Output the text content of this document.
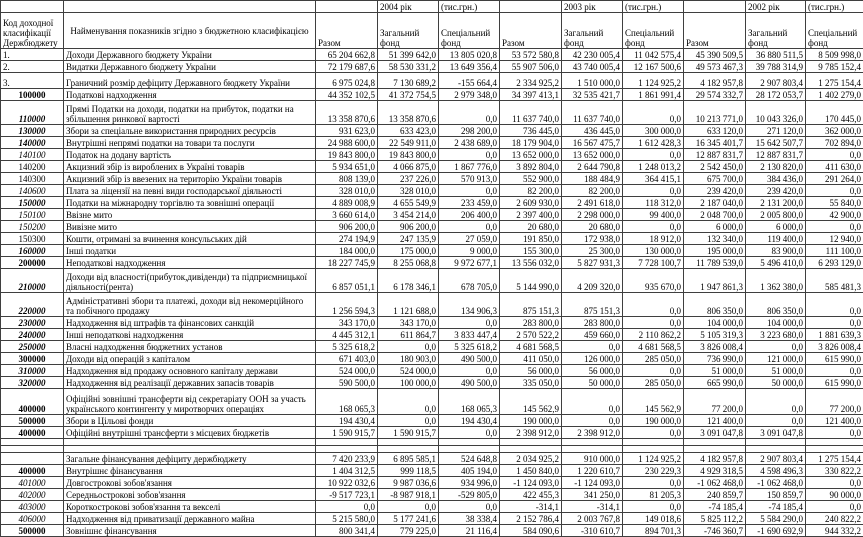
			2004 рік	(тис.грн.)		2003 рік	(тис.грн.)		2002 рік	(тис.грн.)
Код доходної класифікації Держбюджету	Найменування показників згідно з бюджетною класифікацією	Разом	Загальний фонд	Спеціальний фонд	Разом	Загальний фонд	Спеціальний фонд	Разом	Загальний фонд	Спеціальний фонд
1.	Доходи Державного бюджету України	65 204 662,8	51 399 642,0	13 805 020,8	53 572 580,8	42 230 005,4	11 042 575,4	45 390 509,5	36 880 511,5	8 509 998,0
2.	Видатки Державного бюджету України	72 179 687,6	58 530 331,2	13 649 356,4	55 907 506,0	43 740 005,4	12 167 500,6	49 573 467,3	39 788 314,9	9 785 152,4
3.	Граничний розмір дефіциту Державного бюджету України	6 975 024,8	7 130 689,2	-155 664,4	2 334 925,2	1 510 000,0	1 124 925,2	4 182 957,8	2 907 803,4	1 275 154,4
100000	Податкові надходження	44 352 102,5	41 372 754,5	2 979 348,0	34 397 413,1	32 535 421,7	1 861 991,4	29 574 332,7	28 172 053,7	1 402 279,0
110000	Прямі Податки на доходи, податки на прибуток, податки на збільшення ринкової вартості	13 358 870,6	13 358 870,6	0,0	11 637 740,0	11 637 740,0	0,0	10 213 771,0	10 043 326,0	170 445,0
130000	Збори за спеціальне використання природних ресурсів	931 623,0	633 423,0	298 200,0	736 445,0	436 445,0	300 000,0	633 120,0	271 120,0	362 000,0
140000	Внутрішні непрямі податки на товари та послуги	24 988 600,0	22 549 911,0	2 438 689,0	18 179 904,0	16 567 475,7	1 612 428,3	16 345 401,7	15 642 507,7	702 894,0
140100	Податок на додану вартість	19 843 800,0	19 843 800,0	0,0	13 652 000,0	13 652 000,0	0,0	12 887 831,7	12 887 831,7	0,0
140200	Акцизний збір із вироблених в Україні товарів	5 934 651,0	4 066 875,0	1 867 776,0	3 892 804,0	2 644 790,8	1 248 013,2	2 542 450,0	2 130 820,0	411 630,0
140300	Акцизний збір із ввезених на територію України товарів	808 139,0	237 226,0	570 913,0	552 900,0	188 484,9	364 415,1	675 700,0	384 436,0	291 264,0
140600	Плата за ліцензії на певні види господарської діяльності	328 010,0	328 010,0	0,0	82 200,0	82 200,0	0,0	239 420,0	239 420,0	0,0
150000	Податки на міжнародну торгівлю та зовнішні операції	4 889 008,9	4 655 549,9	233 459,0	2 609 930,0	2 491 618,0	118 312,0	2 187 040,0	2 131 200,0	55 840,0
150100	Ввізне мито	3 660 614,0	3 454 214,0	206 400,0	2 397 400,0	2 298 000,0	99 400,0	2 048 700,0	2 005 800,0	42 900,0
150200	Вивізне мито	906 200,0	906 200,0	0,0	20 680,0	20 680,0	0,0	6 000,0	6 000,0	0,0
150300	Кошти, отримані за вчинення консульських дій	274 194,9	247 135,9	27 059,0	191 850,0	172 938,0	18 912,0	132 340,0	119 400,0	12 940,0
160000	Інші податки	184 000,0	175 000,0	9 000,0	155 300,0	25 300,0	130 000,0	195 000,0	83 900,0	111 100,0
200000	Неподаткові надходження	18 227 745,9	8 255 068,8	9 972 677,1	13 556 032,0	5 827 931,3	7 728 100,7	11 789 539,0	5 496 410,0	6 293 129,0
210000	Доходи від власності(прибуток,дивіденди) та підприємницької діяльності(рента)	6 857 051,1	6 178 346,1	678 705,0	5 144 990,0	4 209 320,0	935 670,0	1 947 861,3	1 362 380,0	585 481,3
220000	Адміністративні збори та платежі, доходи від некомерційного та побічного продажу	1 256 594,3	1 121 688,0	134 906,3	875 151,3	875 151,3	0,0	806 350,0	806 350,0	0,0
230000	Надходження від штрафів та фінансових санкцій	343 170,0	343 170,0	0,0	283 800,0	283 800,0	0,0	104 000,0	104 000,0	0,0
240000	Інші неподаткові надходження	4 445 312,1	611 864,7	3 833 447,4	2 570 522,2	459 660,0	2 110 862,2	5 105 319,3	3 223 680,0	1 881 639,3
250000	Власні надходження бюджетних установ	5 325 618,2	0,0	5 325 618,2	4 681 568,5	0,0	4 681 568,5	3 826 008,4	0,0	3 826 008,4
300000	Доходи від операцій з капіталом	671 403,0	180 903,0	490 500,0	411 050,0	126 000,0	285 050,0	736 990,0	121 000,0	615 990,0
310000	Надходження від продажу основного капіталу держави	524 000,0	524 000,0	0,0	56 000,0	56 000,0	0,0	51 000,0	51 000,0	0,0
320000	Надходження від реалізації державних запасів товарів	590 500,0	100 000,0	490 500,0	335 050,0	50 000,0	285 050,0	665 990,0	50 000,0	615 990,0
400000	Офіційні зовнішні трансферти від секретаріату ООН за участь українського контингенту у миротворчих операціях	168 065,3	0,0	168 065,3	145 562,9	0,0	145 562,9	77 200,0	0,0	77 200,0
500000	Збори в Цільові фонди	194 430,4	0,0	194 430,4	190 000,0	0,0	190 000,0	121 400,0	0,0	121 400,0
400000	Офіційні внутрішні трансферти з місцевих бюджетів	1 590 915,7	1 590 915,7	0,0	2 398 912,0	2 398 912,0	0,0	3 091 047,8	3 091 047,8	0,0

	Загальне фінансування дефіциту держбюджету	7 420 233,9	6 895 585,1	524 648,8	2 034 925,2	910 000,0	1 124 925,2	4 182 957,8	2 907 803,4	1 275 154,4
400000	Внутрішнє фінансування	1 404 312,5	999 118,5	405 194,0	1 450 840,0	1 220 610,7	230 229,3	4 929 318,5	4 598 496,3	330 822,2
401000	Довгострокові зобов'язання	10 922 032,6	9 987 036,6	934 996,0	-1 124 093,0	-1 124 093,0	0,0	-1 062 468,0	-1 062 468,0	0,0
402000	Середньострокові зобов'язання	-9 517 723,1	-8 987 918,1	-529 805,0	422 455,3	341 250,0	81 205,3	240 859,7	150 859,7	90 000,0
403000	Короткострокові зобов'язання та векселі	0,0	0,0	0,0	-314,1	-314,1	0,0	-74 185,4	-74 185,4	0,0
406000	Надходження від приватизації державного майна	5 215 580,0	5 177 241,6	38 338,4	2 152 786,4	2 003 767,8	149 018,6	5 825 112,2	5 584 290,0	240 822,2
500000	Зовнішнє фінансування	800 341,4	779 225,0	21 116,4	584 090,6	-310 610,7	894 701,3	-746 360,7	-1 690 692,9	944 332,2
